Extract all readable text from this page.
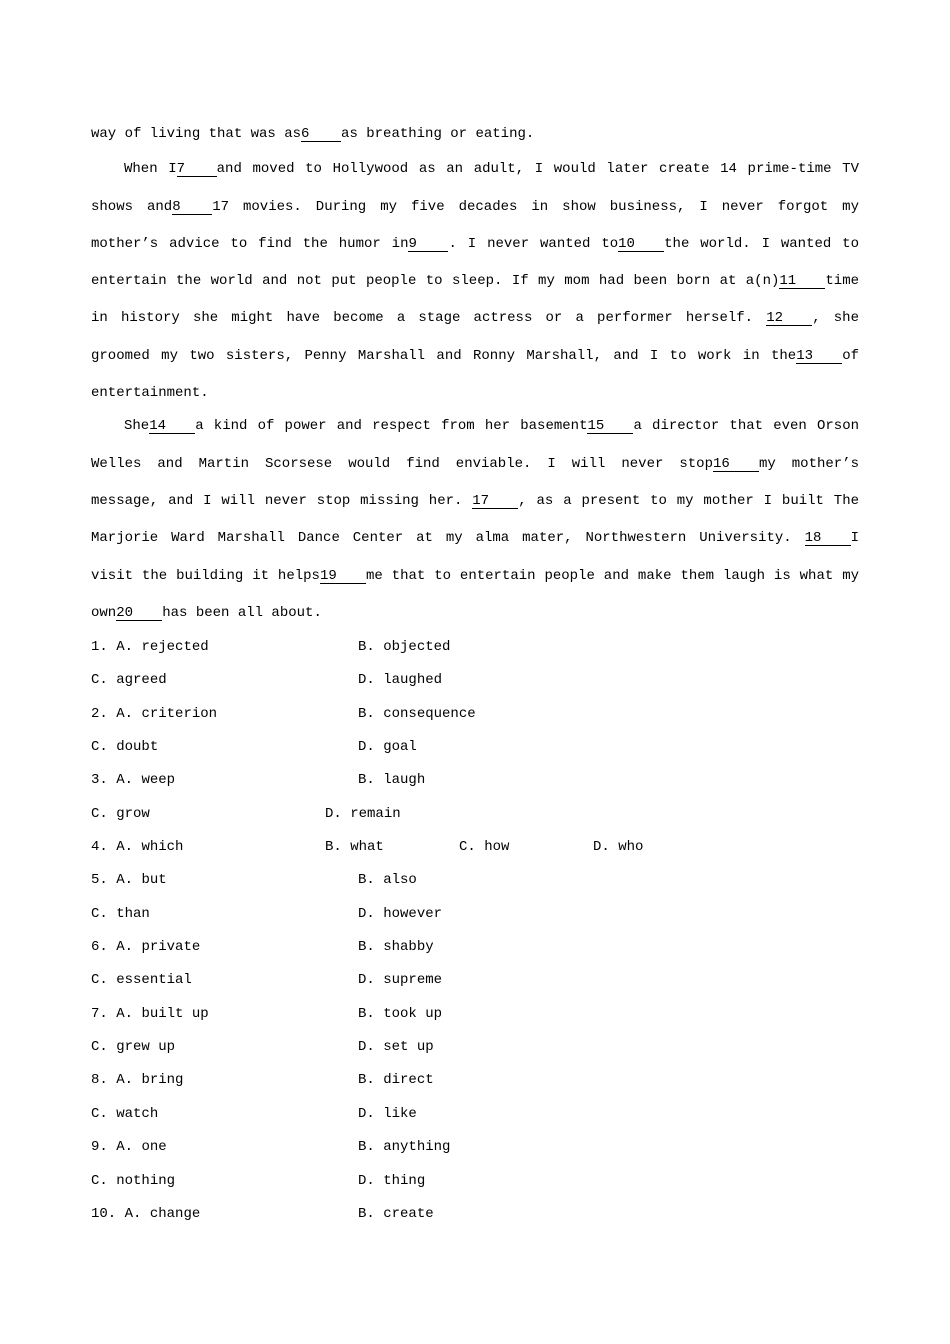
way of living that was as6 as breathing or eating.
When I7 and moved to Hollywood as an adult, I would later create 14 prime-time TV
shows and8 17 movies. During my five decades in show business, I never forgot my
mother’s advice to find the humor in9 . I never wanted to10 the world. I wanted to
entertain the world and not put people to sleep. If my mom had been born at a(n)11 time
in history she might have become a stage actress or a performer herself. 12 , she
groomed my two sisters, Penny Marshall and Ronny Marshall, and I to work in the13 of
entertainment.
She14 a kind of power and respect from her basement15 a director that even Orson
Welles and Martin Scorsese would find enviable. I will never stop16 my mother’s
message, and I will never stop missing her. 17 , as a present to my mother I built The
Marjorie Ward Marshall Dance Center at my alma mater, Northwestern University. 18 I
visit the building it helps19 me that to entertain people and make them laugh is what my
own20 has been all about.
1. A. rejected	B. objected
C. agreed	D. laughed
2. A. criterion	B. consequence
C. doubt	D. goal
3. A. weep	B. laugh
C. grow	D. remain
4. A. which	B. what	C. how	D. who
5. A. but	B. also
C. than	D. however
6. A. private	B. shabby
C. essential	D. supreme
7. A. built up	B. took up
C. grew up	D. set up
8. A. bring	B. direct
C. watch	D. like
9. A. one	B. anything
C. nothing	D. thing
10. A. change	B. create
